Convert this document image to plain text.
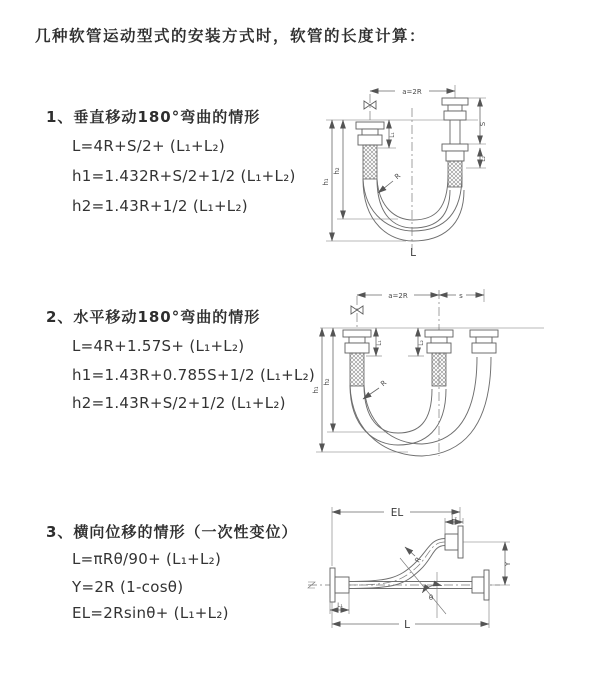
几种软管运动型式的安装方式时，软管的长度计算：
1、垂直移动180°弯曲的情形
L=4R+S/2+ (L₁+L₂)
h1=1.432R+S/2+1/2 (L₁+L₂)
h2=1.43R+1/2 (L₁+L₂)
2、水平移动180°弯曲的情形
L=4R+1.57S+ (L₁+L₂)
h1=1.43R+0.785S+1/2 (L₁+L₂)
h2=1.43R+S/2+1/2 (L₁+L₂)
3、横向位移的情形（一次性变位）
L=πRθ/90+ (L₁+L₂)
Y=2R (1-cosθ)
EL=2Rsinθ+ (L₁+L₂)
a=2R
S
L₂
L₁
h₁
h₂
R
L
a=2R	s
L₁	L₂
h₁
h₂	R
EL	L₂
Y
θ
L₁
L
R
